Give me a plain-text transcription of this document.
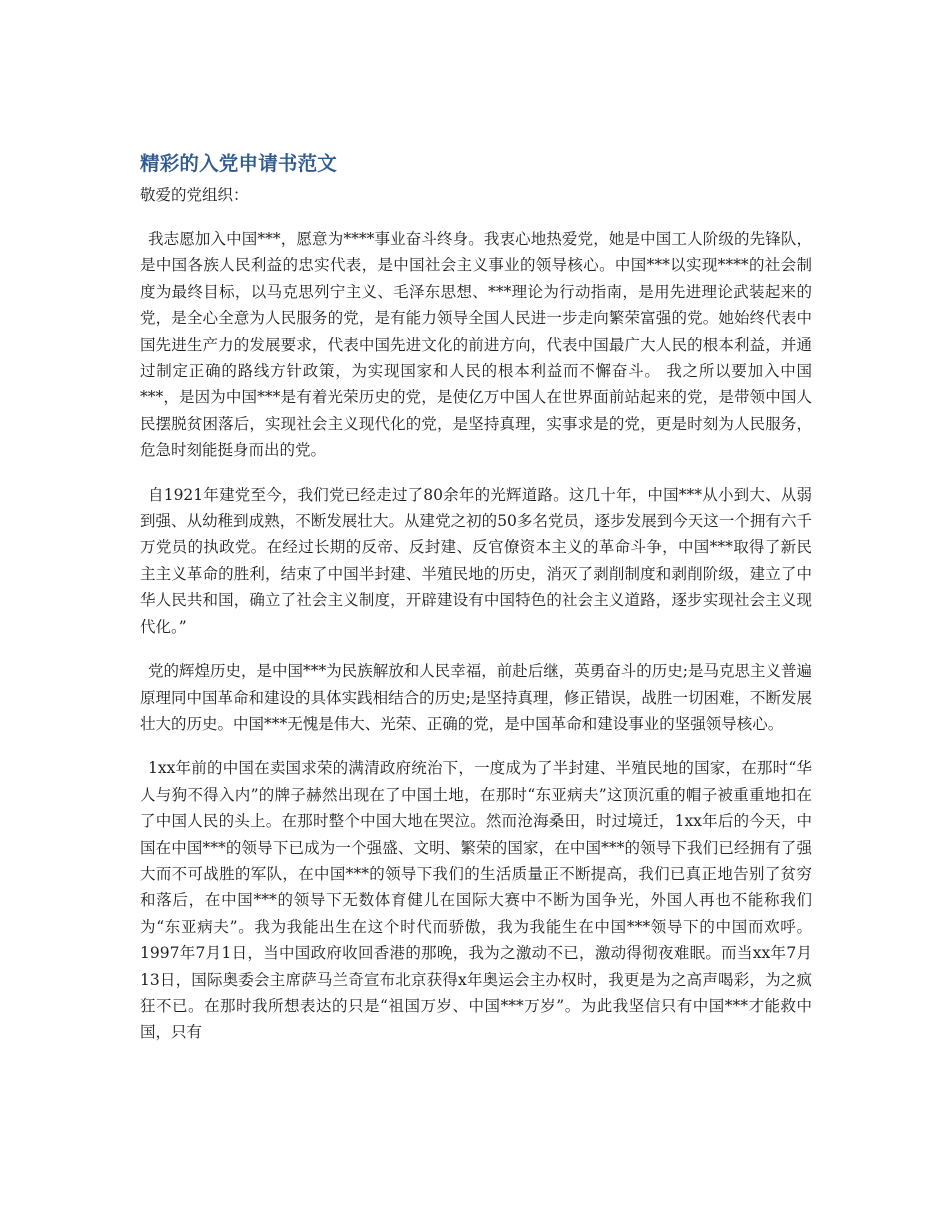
精彩的入党申请书范文

敬爱的党组织：

我志愿加入中国***，愿意为****事业奋斗终身。我衷心地热爱党，她是中国工人阶级的先锋队，是中国各族人民利益的忠实代表，是中国社会主义事业的领导核心。中国***以实现****的社会制度为最终目标，以马克思列宁主义、毛泽东思想、***理论为行动指南，是用先进理论武装起来的党，是全心全意为人民服务的党，是有能力领导全国人民进一步走向繁荣富强的党。她始终代表中国先进生产力的发展要求，代表中国先进文化的前进方向，代表中国最广大人民的根本利益，并通过制定正确的路线方针政策，为实现国家和人民的根本利益而不懈奋斗。 我之所以要加入中国***，是因为中国***是有着光荣历史的党，是使亿万中国人在世界面前站起来的党，是带领中国人民摆脱贫困落后，实现社会主义现代化的党，是坚持真理，实事求是的党，更是时刻为人民服务，危急时刻能挺身而出的党。

自1921年建党至今，我们党已经走过了80余年的光辉道路。这几十年，中国***从小到大、从弱到强、从幼稚到成熟，不断发展壮大。从建党之初的50多名党员，逐步发展到今天这一个拥有六千万党员的执政党。在经过长期的反帝、反封建、反官僚资本主义的革命斗争，中国***取得了新民主主义革命的胜利，结束了中国半封建、半殖民地的历史，消灭了剥削制度和剥削阶级，建立了中华人民共和国，确立了社会主义制度，开辟建设有中国特色的社会主义道路，逐步实现社会主义现代化。”

党的辉煌历史，是中国***为民族解放和人民幸福，前赴后继，英勇奋斗的历史;是马克思主义普遍原理同中国革命和建设的具体实践相结合的历史;是坚持真理，修正错误，战胜一切困难，不断发展壮大的历史。中国***无愧是伟大、光荣、正确的党，是中国革命和建设事业的坚强领导核心。

1xx年前的中国在卖国求荣的满清政府统治下，一度成为了半封建、半殖民地的国家，在那时“华人与狗不得入内”的牌子赫然出现在了中国土地，在那时“东亚病夫”这顶沉重的帽子被重重地扣在了中国人民的头上。在那时整个中国大地在哭泣。然而沧海桑田，时过境迁，1xx年后的今天，中国在中国***的领导下已成为一个强盛、文明、繁荣的国家，在中国***的领导下我们已经拥有了强大而不可战胜的军队，在中国***的领导下我们的生活质量正不断提高，我们已真正地告别了贫穷和落后，在中国***的领导下无数体育健儿在国际大赛中不断为国争光，外国人再也不能称我们为“东亚病夫”。我为我能出生在这个时代而骄傲，我为我能生在中国***领导下的中国而欢呼。1997年7月1日，当中国政府收回香港的那晚，我为之激动不已，激动得彻夜难眠。而当xx年7月13日，国际奥委会主席萨马兰奇宣布北京获得x年奥运会主办权时，我更是为之高声喝彩，为之疯狂不已。在那时我所想表达的只是“祖国万岁、中国***万岁”。为此我坚信只有中国***才能救中国，只有
